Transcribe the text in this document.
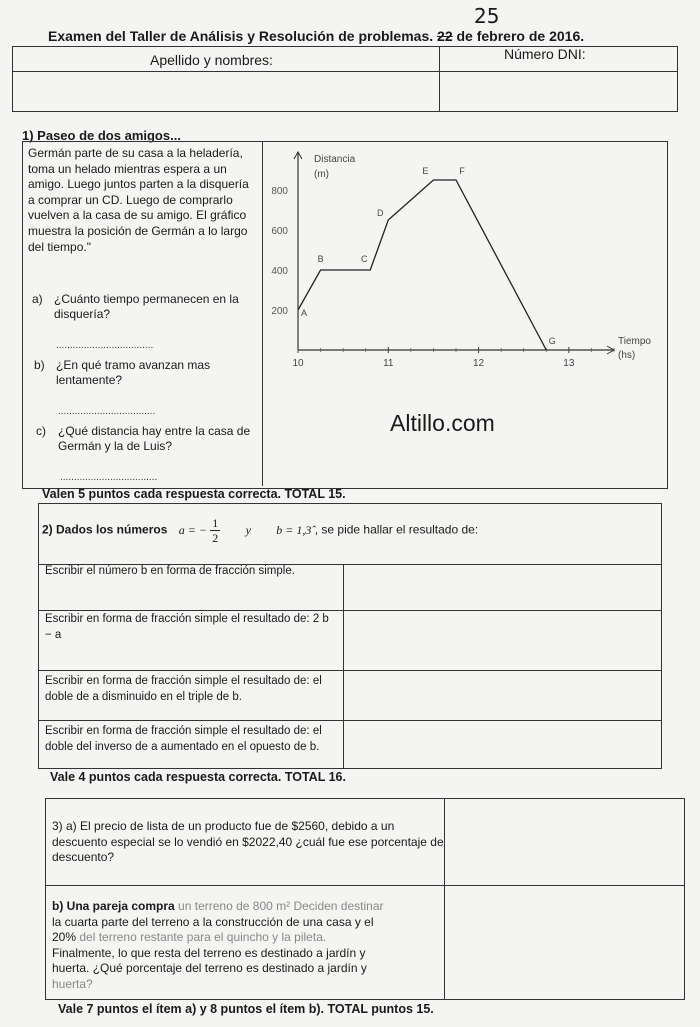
25
Examen del Taller de Análisis y Resolución de problemas. 22 de febrero de 2016.
Apellido y nombres:	Número DNI:
1) Paseo de dos amigos...
Germán parte de su casa a la heladería, toma un helado mientras espera a un amigo. Luego juntos parten a la disquería a comprar un CD. Luego de comprarlo vuelven a la casa de su amigo. El gráfico muestra la posición de Germán a lo largo del tiempo."
a) ¿Cuánto tiempo permanecen en la disquería?
...................................
b) ¿En qué tramo avanzan mas lentamente?
...................................
c) ¿Qué distancia hay entre la casa de Germán y la de Luis?
...................................
10	11	12	13
200
400
600
800
Distancia
(m)
Tiempo
(hs)
A
B	C
D
E	F
G
Altillo.com
Valen 5 puntos cada respuesta correcta. TOTAL 15.
Escribir el número b en forma de fracción simple.
Escribir en forma de fracción simple el resultado de: 2 b − a
Escribir en forma de fracción simple el resultado de: el doble de a disminuido en el triple de b.
Escribir en forma de fracción simple el resultado de: el doble del inverso de a aumentado en el opuesto de b.
2) Dados los números a = − $\frac{1}{2}$ y b = 1,3̂ , se pide hallar el resultado de:
Vale 4 puntos cada respuesta correcta. TOTAL 16.
3) a) El precio de lista de un producto fue de $2560, debido a un descuento especial se lo vendió en $2022,40 ¿cuál fue ese porcentaje de descuento?
b) Una pareja compra un terreno de 800 m² Deciden destinar
la cuarta parte del terreno a la construcción de una casa y el
20% del terreno restante para el quincho y la pileta.
Finalmente, lo que resta del terreno es destinado a jardín y
huerta. ¿Qué porcentaje del terreno es destinado a jardín y
huerta?
Vale 7 puntos el ítem a) y 8 puntos el ítem b). TOTAL puntos 15.
